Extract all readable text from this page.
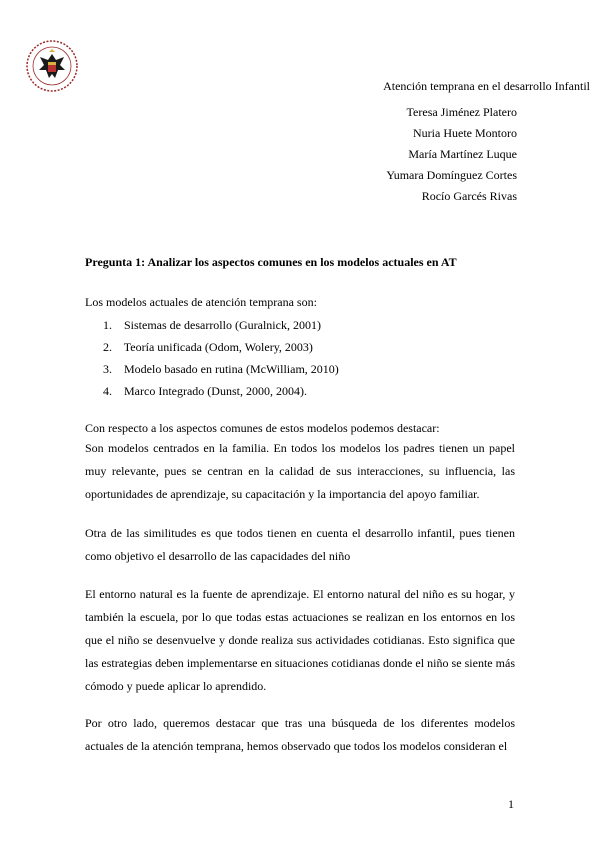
Atención temprana en el desarrollo Infantil
Teresa Jiménez Platero
Nuria Huete Montoro
María Martínez Luque
Yumara Domínguez Cortes
Rocío Garcés Rivas
Pregunta 1: Analizar los aspectos comunes en los modelos actuales en AT

Los modelos actuales de atención temprana son:

1. Sistemas de desarrollo (Guralnick, 2001)
2. Teoría unificada (Odom, Wolery, 2003)
3. Modelo basado en rutina (McWilliam, 2010)
4. Marco Integrado (Dunst, 2000, 2004).

Con respecto a los aspectos comunes de estos modelos podemos destacar:

Son modelos centrados en la familia. En todos los modelos los padres tienen un papel muy relevante, pues se centran en la calidad de sus interacciones, su influencia, las oportunidades de aprendizaje, su capacitación y la importancia del apoyo familiar.

Otra de las similitudes es que todos tienen en cuenta el desarrollo infantil, pues tienen como objetivo el desarrollo de las capacidades del niño

El entorno natural es la fuente de aprendizaje. El entorno natural del niño es su hogar, y también la escuela, por lo que todas estas actuaciones se realizan en los entornos en los que el niño se desenvuelve y donde realiza sus actividades cotidianas. Esto significa que las estrategias deben implementarse en situaciones cotidianas donde el niño se siente más cómodo y puede aplicar lo aprendido.

Por otro lado, queremos destacar que tras una búsqueda de los diferentes modelos actuales de la atención temprana, hemos observado que todos los modelos consideran el

1
